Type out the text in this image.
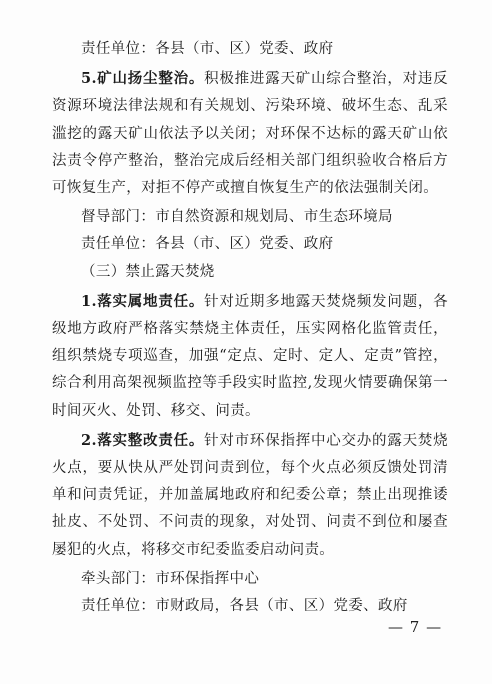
责任单位：各县（市、区）党委、政府

5.矿山扬尘整治。积极推进露天矿山综合整治，对违反资源环境法律法规和有关规划、污染环境、破坏生态、乱采滥挖的露天矿山依法予以关闭；对环保不达标的露天矿山依法责令停产整治，整治完成后经相关部门组织验收合格后方可恢复生产，对拒不停产或擅自恢复生产的依法强制关闭。

督导部门：市自然资源和规划局、市生态环境局

责任单位：各县（市、区）党委、政府

（三）禁止露天焚烧

1.落实属地责任。针对近期多地露天焚烧频发问题，各级地方政府严格落实禁烧主体责任，压实网格化监管责任，组织禁烧专项巡查，加强“定点、定时、定人、定责”管控，综合利用高架视频监控等手段实时监控,发现火情要确保第一时间灭火、处罚、移交、问责。

2.落实整改责任。针对市环保指挥中心交办的露天焚烧火点，要从快从严处罚问责到位，每个火点必须反馈处罚清单和问责凭证，并加盖属地政府和纪委公章；禁止出现推诿扯皮、不处罚、不问责的现象，对处罚、问责不到位和屡查屡犯的火点，将移交市纪委监委启动问责。

牵头部门：市环保指挥中心

责任单位：市财政局，各县（市、区）党委、政府

— 7 —
